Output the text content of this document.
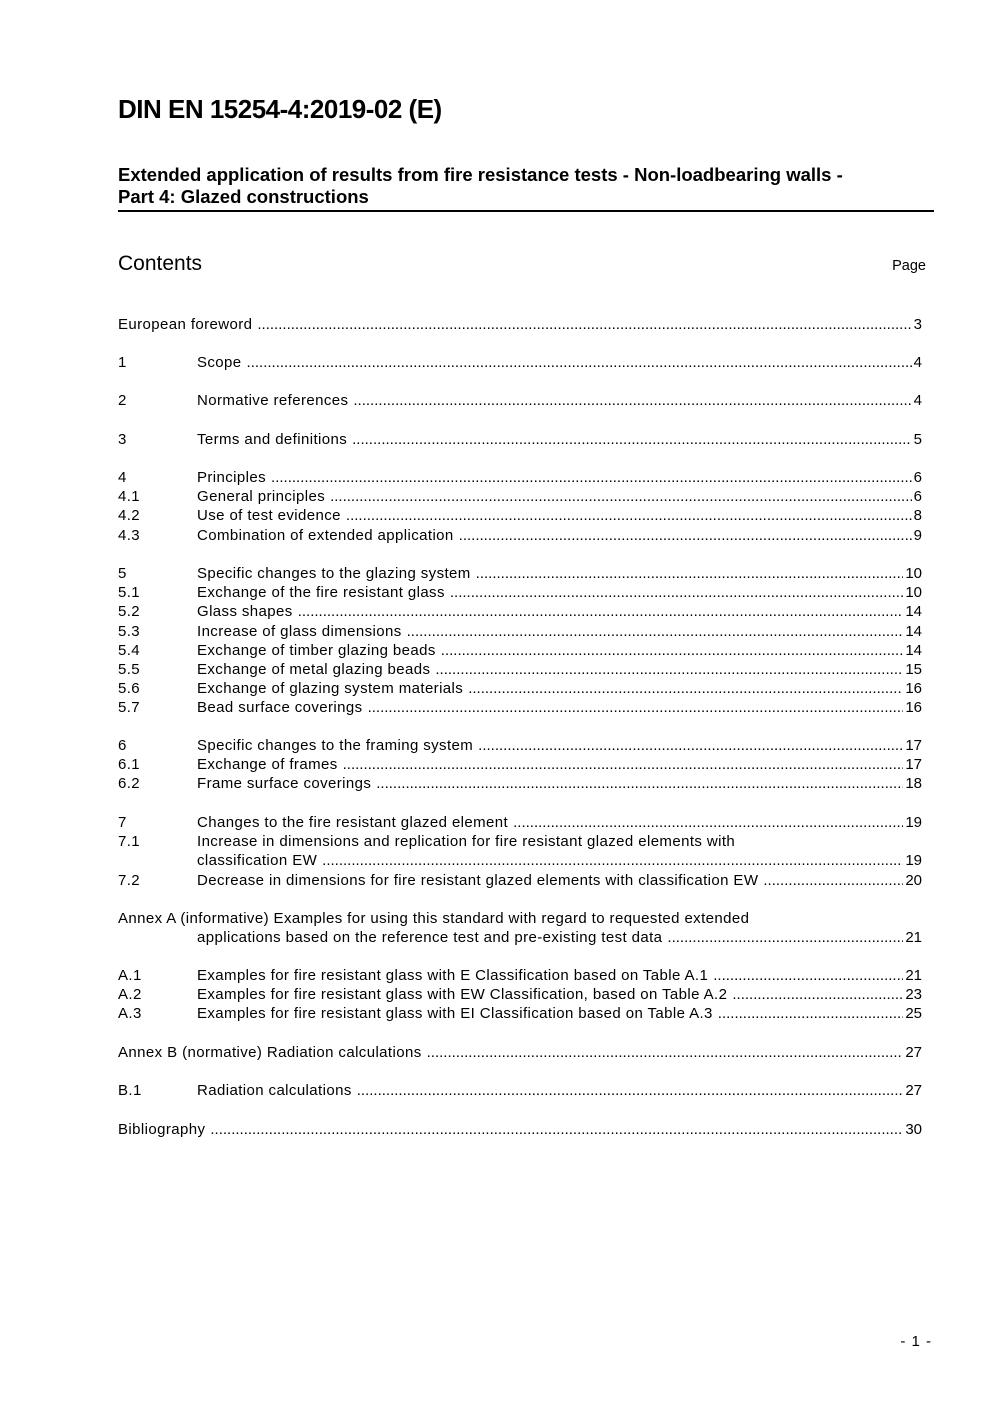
DIN EN 15254-4:2019-02 (E)
Extended application of results from fire resistance tests - Non-loadbearing walls -
Part 4: Glazed constructions
Contents	Page
European foreword .....	3
1	Scope .....	4
2	Normative references .....	4
3	Terms and definitions .....	5
4	Principles .....	6
4.1	General principles .....	6
4.2	Use of test evidence .....	8
4.3	Combination of extended application .....	9
5	Specific changes to the glazing system .....	10
5.1	Exchange of the fire resistant glass .....	10
5.2	Glass shapes .....	14
5.3	Increase of glass dimensions .....	14
5.4	Exchange of timber glazing beads .....	14
5.5	Exchange of metal glazing beads .....	15
5.6	Exchange of glazing system materials .....	16
5.7	Bead surface coverings .....	16
6	Specific changes to the framing system .....	17
6.1	Exchange of frames .....	17
6.2	Frame surface coverings .....	18
7	Changes to the fire resistant glazed element .....	19
7.1	Increase in dimensions and replication for fire resistant glazed elements with
classification EW .....	19
7.2	Decrease in dimensions for fire resistant glazed elements with classification EW .....	20
Annex A (informative) Examples for using this standard with regard to requested extended
applications based on the reference test and pre-existing test data .....	21
A.1	Examples for fire resistant glass with E Classification based on Table A.1 .....	21
A.2	Examples for fire resistant glass with EW Classification, based on Table A.2 .....	23
A.3	Examples for fire resistant glass with EI Classification based on Table A.3 .....	25
Annex B (normative) Radiation calculations .....	27
B.1	Radiation calculations .....	27
Bibliography .....	30
- 1 -
